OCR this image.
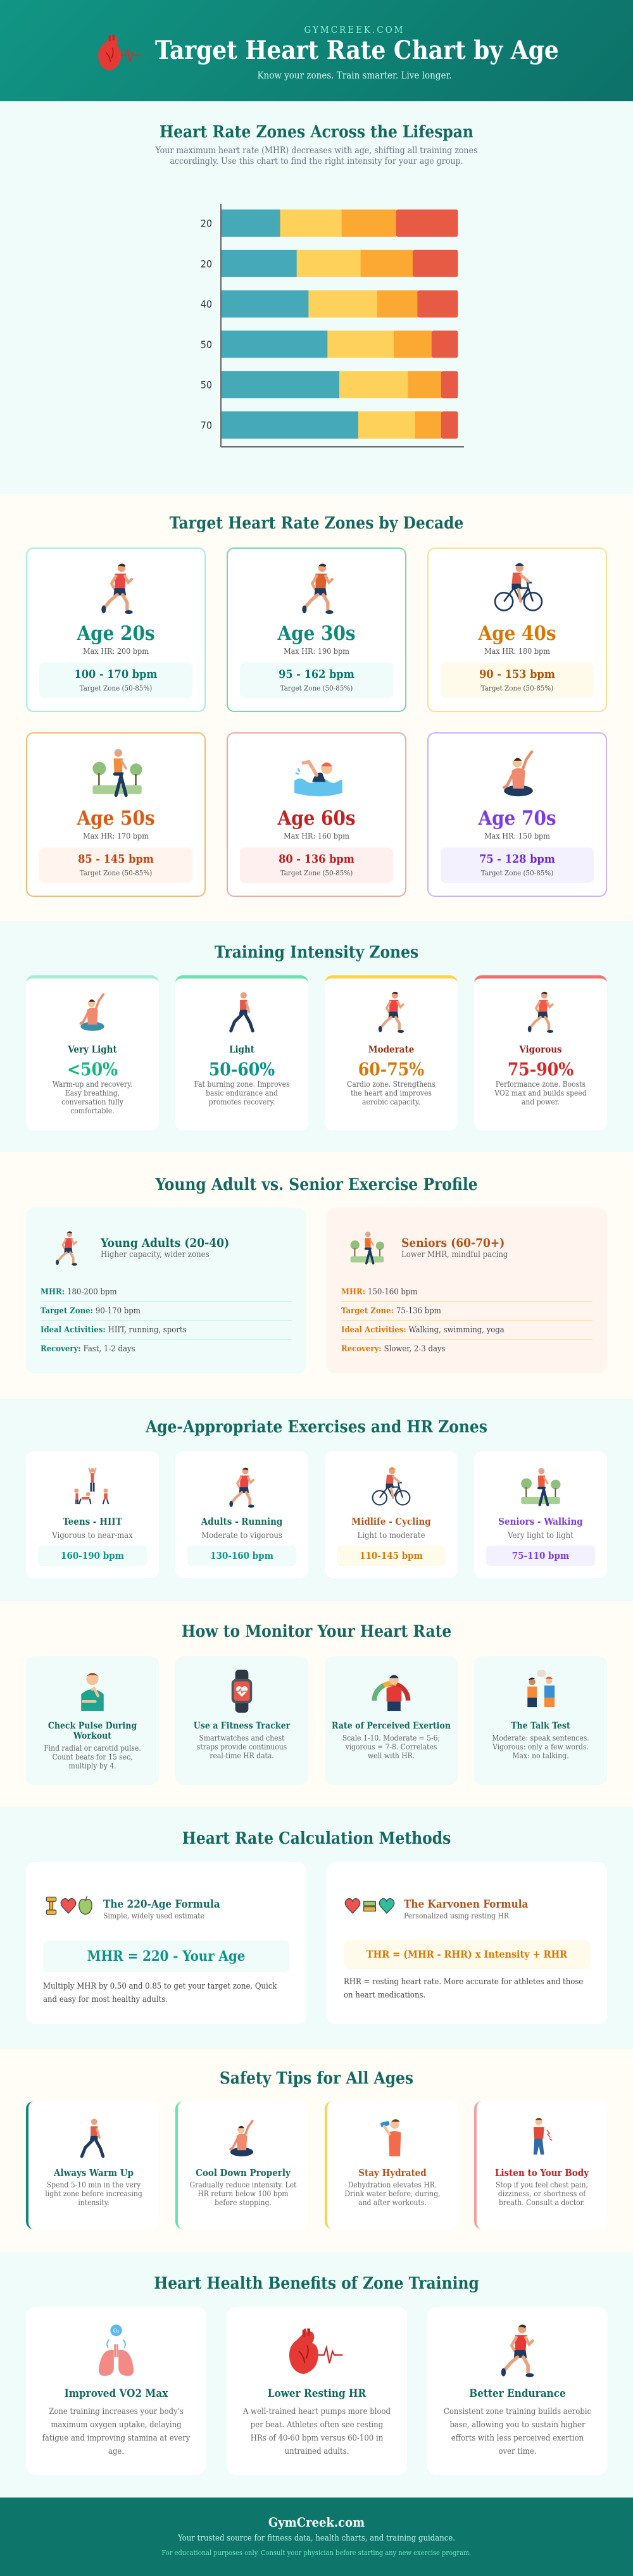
GYMCREEK.COM
Target Heart Rate Chart by Age
Know your zones. Train smarter. Live longer.
Heart Rate Zones Across the Lifespan
Your maximum heart rate (MHR) decreases with age, shifting all training zones accordingly. Use this chart to find the right intensity for your age group.
20
20
40
50
50
70
Target Heart Rate Zones by Decade
Age 20s
Max HR: 200 bpm
100 - 170 bpm
Target Zone (50-85%)
Age 30s
Max HR: 190 bpm
95 - 162 bpm
Target Zone (50-85%)
Age 40s
Max HR: 180 bpm
90 - 153 bpm
Target Zone (50-85%)
Age 50s
Max HR: 170 bpm
85 - 145 bpm
Target Zone (50-85%)
Age 60s
Max HR: 160 bpm
80 - 136 bpm
Target Zone (50-85%)
Age 70s
Max HR: 150 bpm
75 - 128 bpm
Target Zone (50-85%)
Training Intensity Zones
Very Light
<50%
Warm-up and recovery. Easy breathing, conversation fully comfortable.
Light
50-60%
Fat burning zone. Improves basic endurance and promotes recovery.
Moderate
60-75%
Cardio zone. Strengthens the heart and improves aerobic capacity.
Vigorous
75-90%
Performance zone. Boosts VO2 max and builds speed and power.
Young Adult vs. Senior Exercise Profile
Young Adults (20-40)
Higher capacity, wider zones
MHR: 180-200 bpm
Target Zone: 90-170 bpm
Ideal Activities: HIIT, running, sports
Recovery: Fast, 1-2 days
Seniors (60-70+)
Lower MHR, mindful pacing
MHR: 150-160 bpm
Target Zone: 75-136 bpm
Ideal Activities: Walking, swimming, yoga
Recovery: Slower, 2-3 days
Age-Appropriate Exercises and HR Zones
Teens - HIIT
Vigorous to near-max
160-190 bpm
Adults - Running
Moderate to vigorous
130-160 bpm
Midlife - Cycling
Light to moderate
110-145 bpm
Seniors - Walking
Very light to light
75-110 bpm
How to Monitor Your Heart Rate
Check Pulse During Workout
Find radial or carotid pulse. Count beats for 15 sec, multiply by 4.
Use a Fitness Tracker
Smartwatches and chest straps provide continuous real-time HR data.
Rate of Perceived Exertion
Scale 1-10. Moderate = 5-6; vigorous = 7-8. Correlates well with HR.
The Talk Test
Moderate: speak sentences. Vigorous: only a few words. Max: no talking.
Heart Rate Calculation Methods
The 220-Age Formula
Simple, widely used estimate
MHR = 220 - Your Age
Multiply MHR by 0.50 and 0.85 to get your target zone. Quick and easy for most healthy adults.
The Karvonen Formula
Personalized using resting HR
THR = (MHR - RHR) x Intensity + RHR
RHR = resting heart rate. More accurate for athletes and those on heart medications.
Safety Tips for All Ages
Always Warm Up
Spend 5-10 min in the very light zone before increasing intensity.
Cool Down Properly
Gradually reduce intensity. Let HR return below 100 bpm before stopping.
Stay Hydrated
Dehydration elevates HR. Drink water before, during, and after workouts.
Listen to Your Body
Stop if you feel chest pain, dizziness, or shortness of breath. Consult a doctor.
Heart Health Benefits of Zone Training
Improved VO2 Max
Zone training increases your body's maximum oxygen uptake, delaying fatigue and improving stamina at every age.
Lower Resting HR
A well-trained heart pumps more blood per beat. Athletes often see resting HRs of 40-60 bpm versus 60-100 in untrained adults.
Better Endurance
Consistent zone training builds aerobic base, allowing you to sustain higher efforts with less perceived exertion over time.
GymCreek.com
Your trusted source for fitness data, health charts, and training guidance.
For educational purposes only. Consult your physician before starting any new exercise program.
